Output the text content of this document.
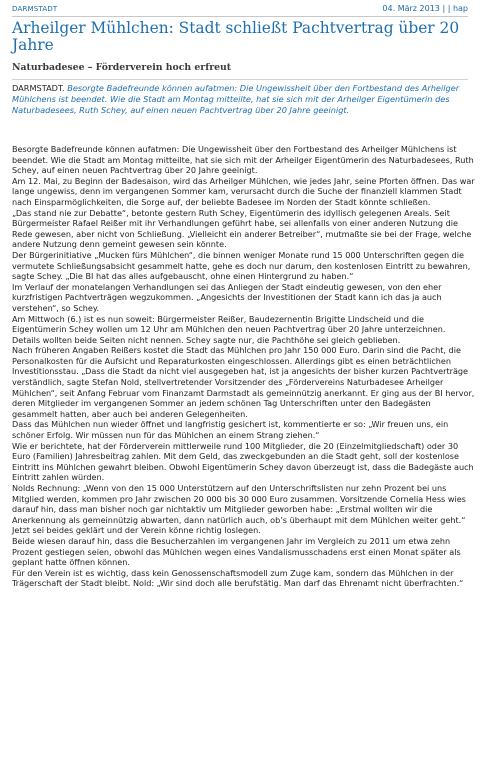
DARMSTADT	04. März 2013 | | hap
Arheilger Mühlchen: Stadt schließt Pachtvertrag über 20 Jahre
Naturbadesee – Förderverein hoch erfreut
DARMSTADT. Besorgte Badefreunde können aufatmen: Die Ungewissheit über den Fortbestand des Arheilger Mühlchens ist beendet. Wie die Stadt am Montag mitteilte, hat sie sich mit der Arheilger Eigentümerin des Naturbadesees, Ruth Schey, auf einen neuen Pachtvertrag über 20 Jahre geeinigt.

Besorgte Badefreunde können aufatmen: Die Ungewissheit über den Fortbestand des Arheilger Mühlchens ist beendet. Wie die Stadt am Montag mitteilte, hat sie sich mit der Arheilger Eigentümerin des Naturbadesees, Ruth Schey, auf einen neuen Pachtvertrag über 20 Jahre geeinigt.

Am 12. Mai, zu Beginn der Badesaison, wird das Arheilger Mühlchen, wie jedes Jahr, seine Pforten öffnen. Das war lange ungewiss, denn im vergangenen Sommer kam, verursacht durch die Suche der finanziell klammen Stadt nach Einsparmöglichkeiten, die Sorge auf, der beliebte Badesee im Norden der Stadt könnte schließen.

„Das stand nie zur Debatte“, betonte gestern Ruth Schey, Eigentümerin des idyllisch gelegenen Areals. Seit Bürgermeister Rafael Reißer mit ihr Verhandlungen geführt habe, sei allenfalls von einer anderen Nutzung die Rede gewesen, aber nicht von Schließung. „Vielleicht ein anderer Betreiber“, mutmaßte sie bei der Frage, welche andere Nutzung denn gemeint gewesen sein könnte.

Der Bürgerinitiative „Mucken fürs Mühlchen“, die binnen weniger Monate rund 15 000 Unterschriften gegen die vermutete Schließungsabsicht gesammelt hatte, gehe es doch nur darum, den kostenlosen Eintritt zu bewahren, sagte Schey. „Die BI hat das alles aufgebauscht, ohne einen Hintergrund zu haben.“

Im Verlauf der monatelangen Verhandlungen sei das Anliegen der Stadt eindeutig gewesen, von den eher kurzfristigen Pachtverträgen wegzukommen. „Angesichts der Investitionen der Stadt kann ich das ja auch verstehen“, so Schey.

Am Mittwoch (6.) ist es nun soweit: Bürgermeister Reißer, Baudezernentin Brigitte Lindscheid und die Eigentümerin Schey wollen um 12 Uhr am Mühlchen den neuen Pachtvertrag über 20 Jahre unterzeichnen. Details wollten beide Seiten nicht nennen. Schey sagte nur, die Pachthöhe sei gleich geblieben.

Nach früheren Angaben Reißers kostet die Stadt das Mühlchen pro Jahr 150 000 Euro. Darin sind die Pacht, die Personalkosten für die Aufsicht und Reparaturkosten eingeschlossen. Allerdings gibt es einen beträchtlichen Investitionsstau. „Dass die Stadt da nicht viel ausgegeben hat, ist ja angesichts der bisher kurzen Pachtverträge verständlich, sagte Stefan Nold, stellvertretender Vorsitzender des „Fördervereins Naturbadesee Arheilger Mühlchen“, seit Anfang Februar vom Finanzamt Darmstadt als gemeinnützig anerkannt. Er ging aus der BI hervor, deren Mitglieder im vergangenen Sommer an jedem schönen Tag Unterschriften unter den Badegästen gesammelt hatten, aber auch bei anderen Gelegenheiten.

Dass das Mühlchen nun wieder öffnet und langfristig gesichert ist, kommentierte er so: „Wir freuen uns, ein schöner Erfolg. Wir müssen nun für das Mühlchen an einem Strang ziehen.“

Wie er berichtete, hat der Förderverein mittlerweile rund 100 Mitglieder, die 20 (Einzelmitgliedschaft) oder 30 Euro (Familien) Jahresbeitrag zahlen. Mit dem Geld, das zweckgebunden an die Stadt geht, soll der kostenlose Eintritt ins Mühlchen gewahrt bleiben. Obwohl Eigentümerin Schey davon überzeugt ist, dass die Badegäste auch Eintritt zahlen würden.

Nolds Rechnung: „Wenn von den 15 000 Unterstützern auf den Unterschriftslisten nur zehn Prozent bei uns Mitglied werden, kommen pro Jahr zwischen 20 000 bis 30 000 Euro zusammen. Vorsitzende Cornelia Hess wies darauf hin, dass man bisher noch gar nichtaktiv um Mitglieder geworben habe: „Erstmal wollten wir die Anerkennung als gemeinnützig abwarten, dann natürlich auch, ob’s überhaupt mit dem Mühlchen weiter geht.“ Jetzt sei beides geklärt und der Verein könne richtig loslegen.

Beide wiesen darauf hin, dass die Besucherzahlen im vergangenen Jahr im Vergleich zu 2011 um etwa zehn Prozent gestiegen seien, obwohl das Mühlchen wegen eines Vandalismusschadens erst einen Monat später als geplant hatte öffnen können.

Für den Verein ist es wichtig, dass kein Genossenschaftsmodell zum Zuge kam, sondern das Mühlchen in der Trägerschaft der Stadt bleibt. Nold: „Wir sind doch alle berufstätig. Man darf das Ehrenamt nicht überfrachten.“
